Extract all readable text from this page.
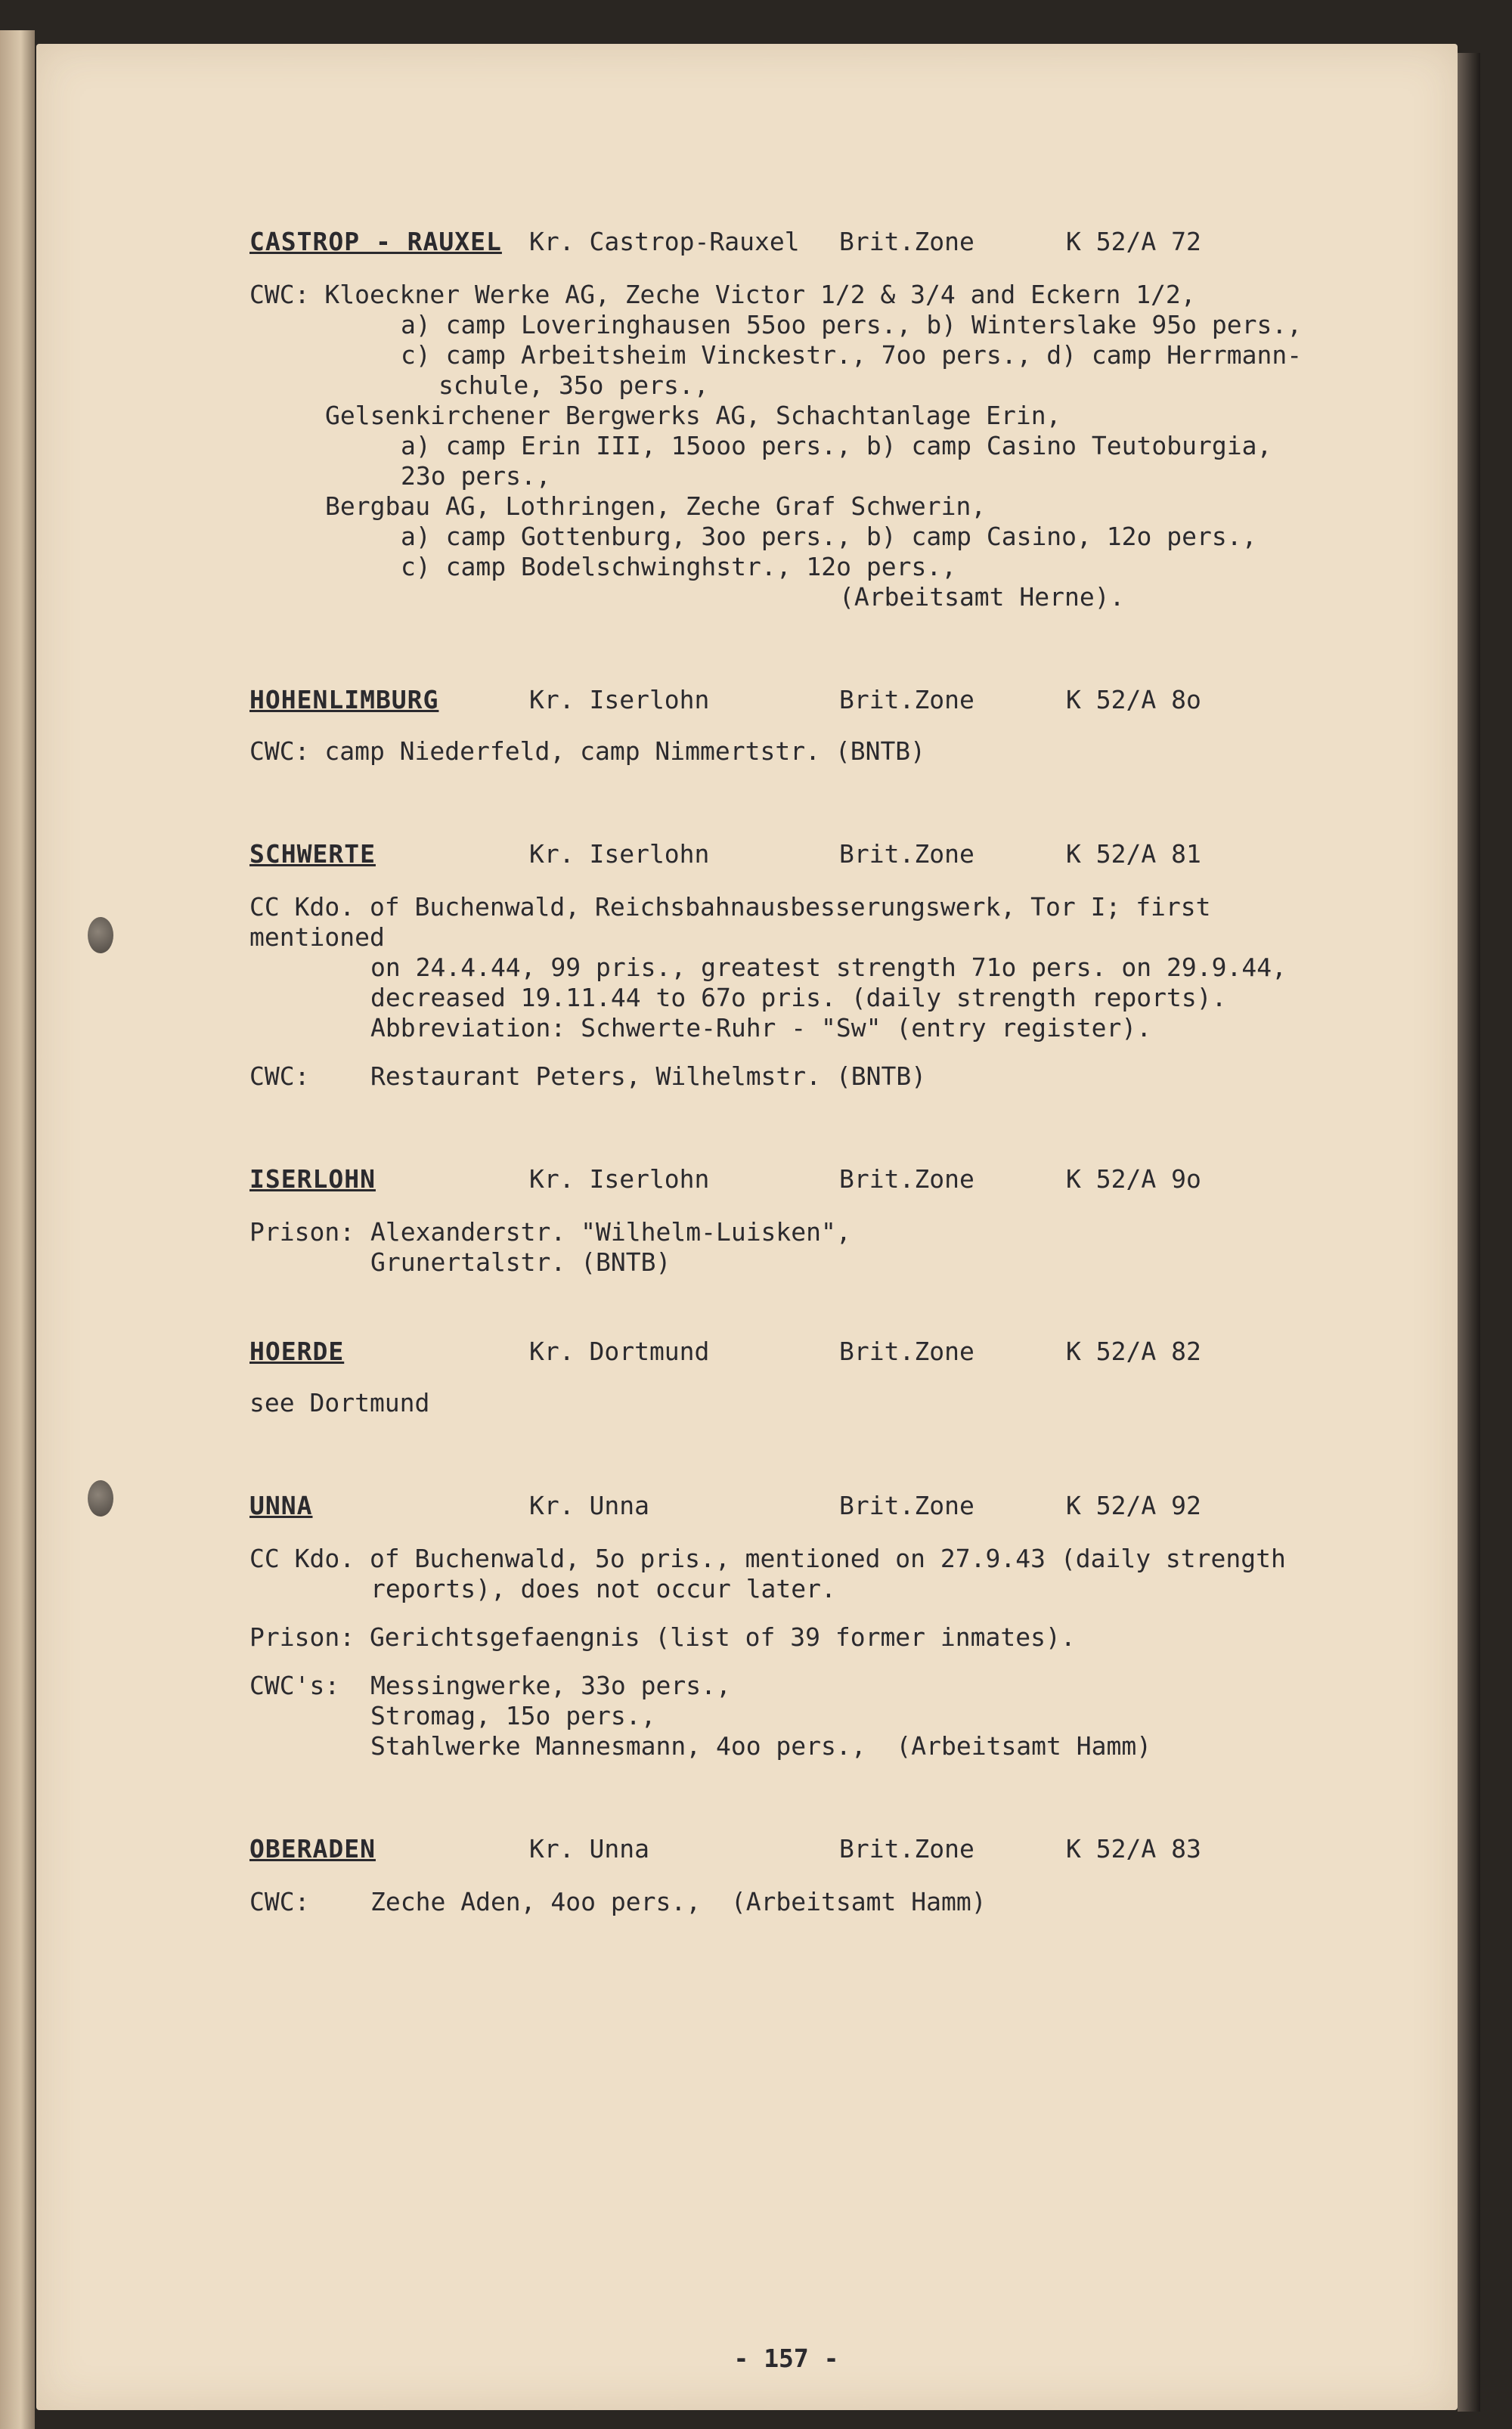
CASTROP - RAUXEL Kr. Castrop-Rauxel Brit.Zone	K 52/A 72
CWC: Kloeckner Werke AG, Zeche Victor 1/2 & 3/4 and Eckern 1/2,
a) camp Loveringhausen 55oo pers., b) Winterslake 95o pers.,
c) camp Arbeitsheim Vinckestr., 7oo pers., d) camp Herrmann-
schule, 35o pers.,
Gelsenkirchener Bergwerks AG, Schachtanlage Erin,
a) camp Erin III, 15ooo pers., b) camp Casino Teutoburgia,
23o pers.,
Bergbau AG, Lothringen, Zeche Graf Schwerin,
a) camp Gottenburg, 3oo pers., b) camp Casino, 12o pers.,
c) camp Bodelschwinghstr., 12o pers.,
(Arbeitsamt Herne).
HOHENLIMBURG	Kr. Iserlohn	Brit.Zone	K 52/A 8o
CWC: camp Niederfeld, camp Nimmertstr. (BNTB)
SCHWERTE	Kr. Iserlohn	Brit.Zone	K 52/A 81
CC Kdo. of Buchenwald, Reichsbahnausbesserungswerk, Tor I; first mentioned
on 24.4.44, 99 pris., greatest strength 71o pers. on 29.9.44,
decreased 19.11.44 to 67o pris. (daily strength reports).
Abbreviation: Schwerte-Ruhr - "Sw" (entry register).
CWC: Restaurant Peters, Wilhelmstr. (BNTB)
ISERLOHN	Kr. Iserlohn	Brit.Zone	K 52/A 9o
Prison: Alexanderstr. "Wilhelm-Luisken",
Grunertalstr. (BNTB)
HOERDE	Kr. Dortmund	Brit.Zone	K 52/A 82
see Dortmund
UNNA	Kr. Unna	Brit.Zone	K 52/A 92
CC Kdo. of Buchenwald, 5o pris., mentioned on 27.9.43 (daily strength
reports), does not occur later.
Prison: Gerichtsgefaengnis (list of 39 former inmates).
CWC's: Messingwerke, 33o pers.,
Stromag, 15o pers.,
Stahlwerke Mannesmann, 4oo pers.,  (Arbeitsamt Hamm)
OBERADEN	Kr. Unna	Brit.Zone	K 52/A 83
CWC: Zeche Aden, 4oo pers.,  (Arbeitsamt Hamm)
- 157 -
